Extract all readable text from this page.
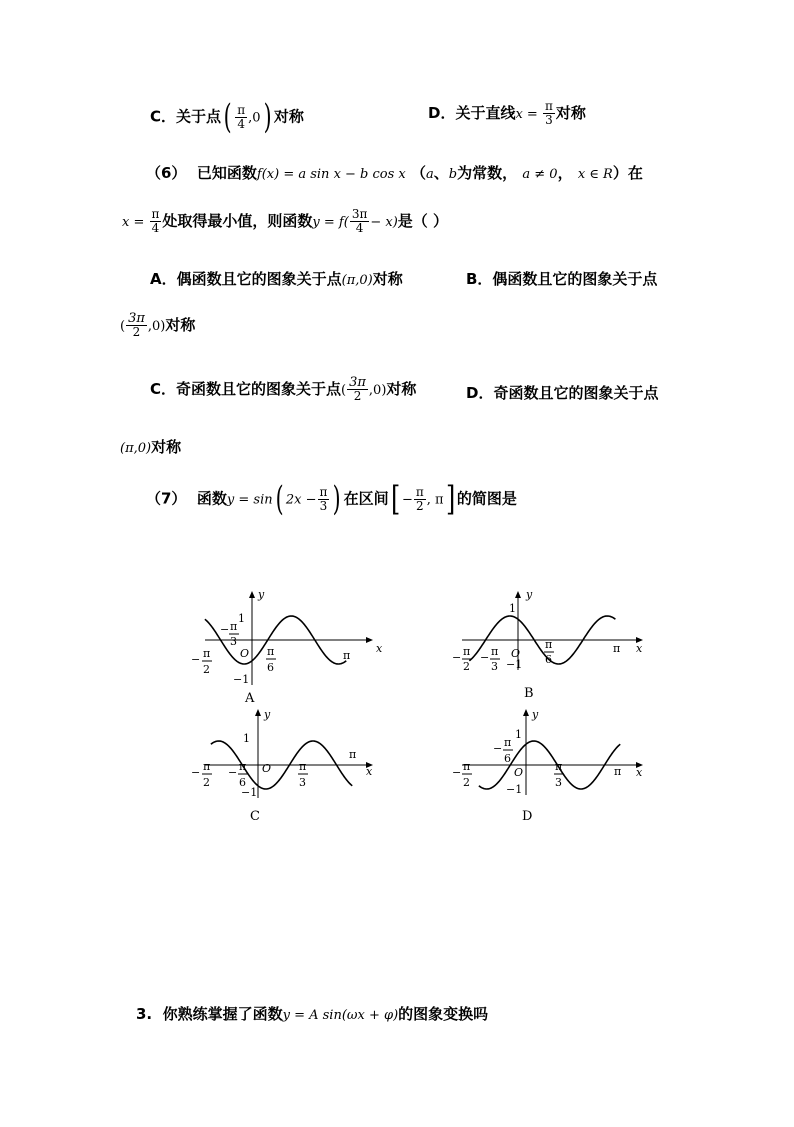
C．关于点( $\frac{\pi}{4} ,0$) 对称	D．关于直线$x = \frac{\pi}{3}$ 对称
（6） 已知函数f(x) = a sin x − b cos x （a、b为常数， a ≠ 0， x ∈ R）在
$x = \frac{\pi}{4}$ 处取得最小值，则函数$y = f( \frac{3\pi}{4} - x)$是（ ）
A．偶函数且它的图象关于点(π,0)对称	B．偶函数且它的图象关于点
( $\frac{3\pi}{2} ,0$)对称
C．奇函数且它的图象关于点( $\frac{3\pi}{2} ,0$)对称	D．奇函数且它的图象关于点
(π,0)对称
（7） 函数y = sin( $2x - \frac{\pi}{3}$ ) 在区间[ − $\frac{\pi}{2}$ , π] 的简图是
x
y
O
1
−1
π
− π
2
− π
3
π
6
A
x
y
O
1
−1
π
− π
2
− π
3
π
6
B
x
y
O
1
−1
π
− π
2
− π
6
π
3
C
x
y
O
1
−1
π
− π
2
− π
6
π
3
D
3. 你熟练掌握了函数y = A sin(ωx + φ)的图象变换吗
